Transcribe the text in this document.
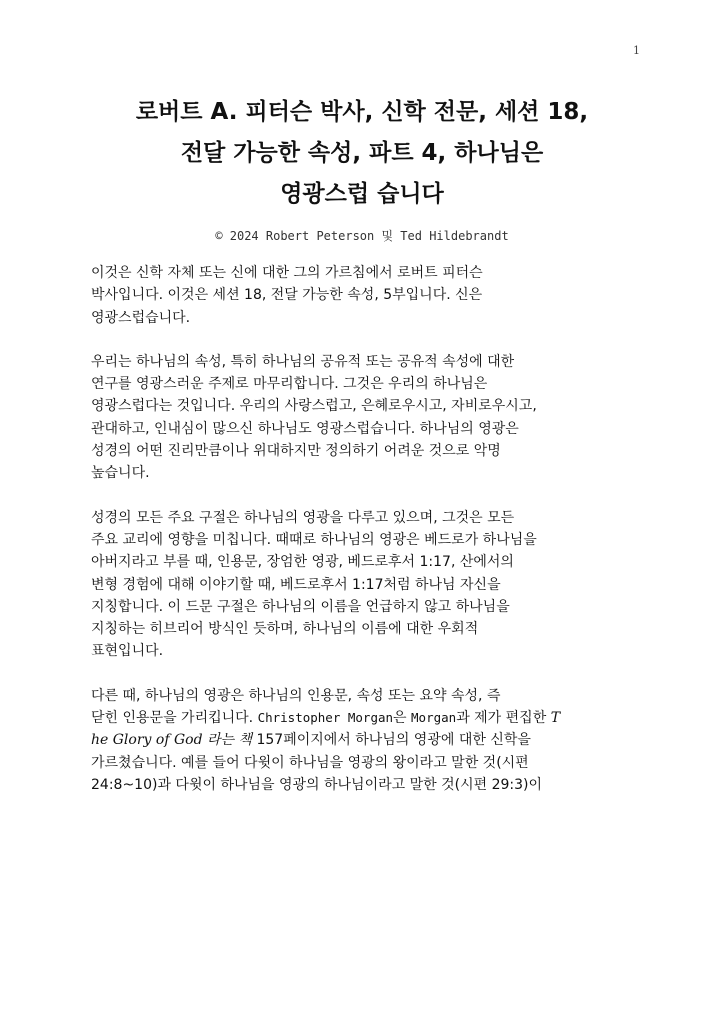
1
로버트 A. 피터슨 박사, 신학 전문, 세션 18,
전달 가능한 속성, 파트 4, 하나님은
영광스럽 습니다
© 2024 Robert Peterson 및 Ted Hildebrandt

이것은 신학 자체 또는 신에 대한 그의 가르침에서 로버트 피터슨
박사입니다. 이것은 세션 18, 전달 가능한 속성, 5부입니다. 신은
영광스럽습니다.

우리는 하나님의 속성, 특히 하나님의 공유적 또는 공유적 속성에 대한
연구를 영광스러운 주제로 마무리합니다. 그것은 우리의 하나님은
영광스럽다는 것입니다. 우리의 사랑스럽고, 은혜로우시고, 자비로우시고,
관대하고, 인내심이 많으신 하나님도 영광스럽습니다. 하나님의 영광은
성경의 어떤 진리만큼이나 위대하지만 정의하기 어려운 것으로 악명
높습니다.

성경의 모든 주요 구절은 하나님의 영광을 다루고 있으며, 그것은 모든
주요 교리에 영향을 미칩니다. 때때로 하나님의 영광은 베드로가 하나님을
아버지라고 부를 때, 인용문, 장엄한 영광, 베드로후서 1:17, 산에서의
변형 경험에 대해 이야기할 때, 베드로후서 1:17처럼 하나님 자신을
지칭합니다. 이 드문 구절은 하나님의 이름을 언급하지 않고 하나님을
지칭하는 히브리어 방식인 듯하며, 하나님의 이름에 대한 우회적
표현입니다.

다른 때, 하나님의 영광은 하나님의 인용문, 속성 또는 요약 속성, 즉
닫힌 인용문을 가리킵니다. Christopher Morgan은 Morgan과 제가 편집한 T
he Glory of God 라는 책 157페이지에서 하나님의 영광에 대한 신학을
가르쳤습니다. 예를 들어 다윗이 하나님을 영광의 왕이라고 말한 것(시편
24:8~10)과 다윗이 하나님을 영광의 하나님이라고 말한 것(시편 29:3)이
